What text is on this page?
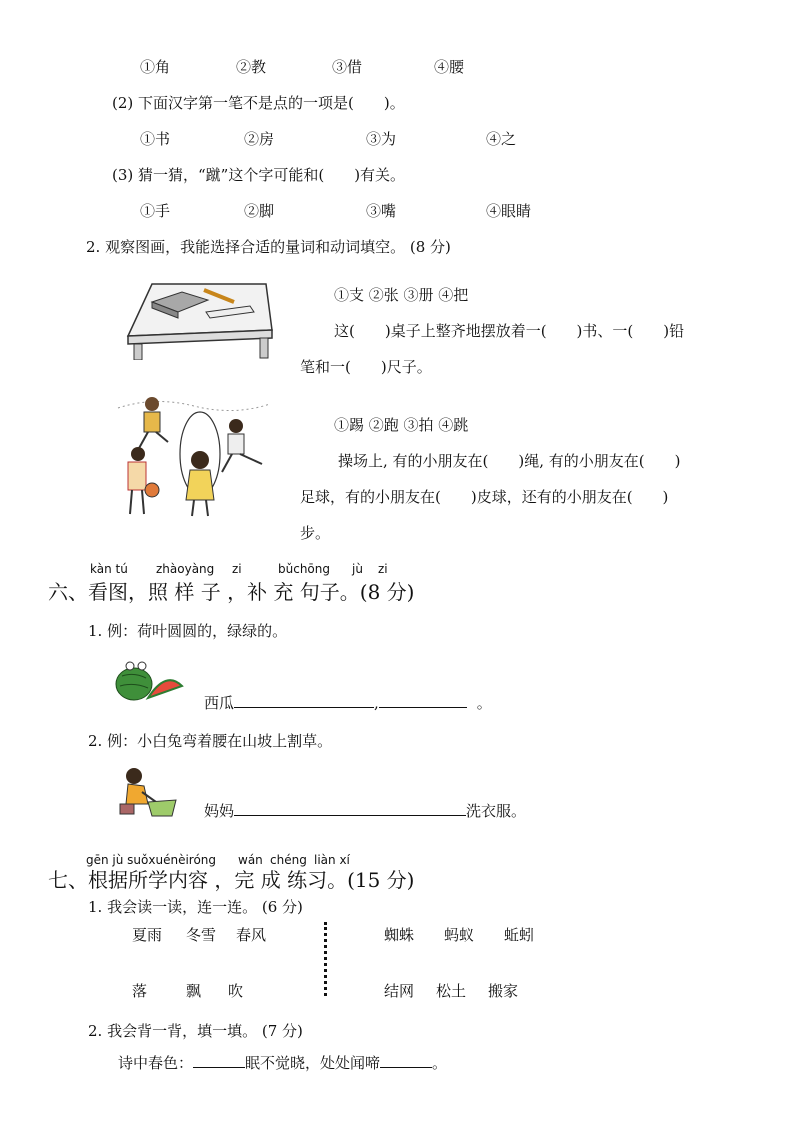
①角	②教	③借	④腰
(2) 下面汉字第一笔不是点的一项是(　　)。
①书	②房	③为	④之
(3) 猜一猜，“蹴”这个字可能和(　　)有关。
①手	②脚	③嘴	④眼睛
2. 观察图画，我能选择合适的量词和动词填空。 (8 分)
①支 ②张 ③册 ④把
这(　　)桌子上整齐地摆放着一(　　)书、一(　　)铅
笔和一(　　)尺子。
①踢 ②跑 ③拍 ④跳
操场上, 有的小朋友在(　　)绳, 有的小朋友在(　　)
足球，有的小朋友在(　　)皮球，还有的小朋友在(　　)
步。
kàn tú zhàoyàng zi	bǔchōng jù zi
六、看图，照 样 子 ，补 充 句子。(8 分)
1. 例：荷叶圆圆的，绿绿的。
西瓜	,	。
2. 例：小白兔弯着腰在山坡上割草。
妈妈	洗衣服。
gēn jù suǒxuénèiróng wán chéng liàn xí
七、根据所学内容 ，完 成 练习。(15 分)
1. 我会读一读，连一连。 (6 分)
夏雨 冬雪 春风	蜘蛛 蚂蚁 蚯蚓
落	飘 吹	结网 松土 搬家
2. 我会背一背，填一填。 (7 分)
诗中春色：	眠不觉晓，处处闻啼	。
